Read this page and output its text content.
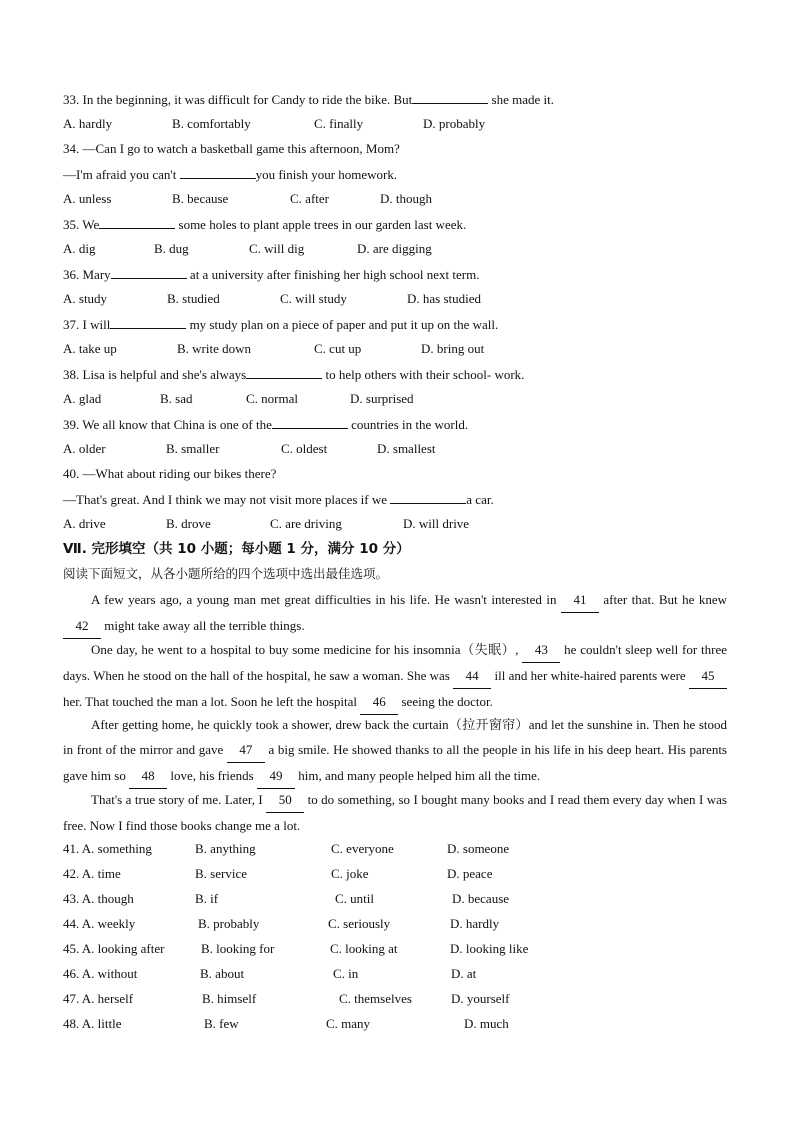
33. In the beginning, it was difficult for Candy to ride the bike. But	she made it.
A. hardly	B. comfortably	C. finally	D. probably
34. —Can I go to watch a basketball game this afternoon, Mom?
—I'm afraid you can't	you finish your homework.
A. unless	B. because	C. after	D. though
35. We	some holes to plant apple trees in our garden last week.
A. dig	B. dug	C. will dig	D. are digging
36. Mary	at a university after finishing her high school next term.
A. study	B. studied	C. will study	D. has studied
37. I will	my study plan on a piece of paper and put it up on the wall.
A. take up	B. write down	C. cut up	D. bring out
38. Lisa is helpful and she's always	to help others with their school- work.
A. glad	B. sad	C. normal	D. surprised
39. We all know that China is one of the	countries in the world.
A. older	B. smaller	C. oldest	D. smallest
40. —What about riding our bikes there?
—That's great. And I think we may not visit more places if we	a car.
A. drive	B. drove	C. are driving	D. will drive
Ⅶ. 完形填空（共 10 小题；每小题 1 分，满分 10 分）
阅读下面短文，从各小题所给的四个选项中选出最佳选项。
A few years ago, a young man met great difficulties in his life. He wasn't interested in 41 after that. But he knew 42 might take away all the terrible things.
One day, he went to a hospital to buy some medicine for his insomnia（失眠）, 43 he couldn't sleep well for three days. When he stood on the hall of the hospital, he saw a woman. She was 44 ill and her white-haired parents were 45 her. That touched the man a lot. Soon he left the hospital 46 seeing the doctor.
After getting home, he quickly took a shower, drew back the curtain（拉开窗帘）and let the sunshine in. Then he stood in front of the mirror and gave 47 a big smile. He showed thanks to all the people in his life in his deep heart. His parents gave him so 48 love, his friends 49 him, and many people helped him all the time.
That's a true story of me. Later, I 50 to do something, so I bought many books and I read them every day when I was free. Now I find those books change me a lot.
41. A. something	B. anything	C. everyone	D. someone
42. A. time	B. service	C. joke	D. peace
43. A. though	B. if	C. until	D. because
44. A. weekly	B. probably	C. seriously	D. hardly
45. A. looking after	B. looking for	C. looking at	D. looking like
46. A. without	B. about	C. in	D. at
47. A. herself	B. himself	C. themselves	D. yourself
48. A. little	B. few	C. many	D. much
